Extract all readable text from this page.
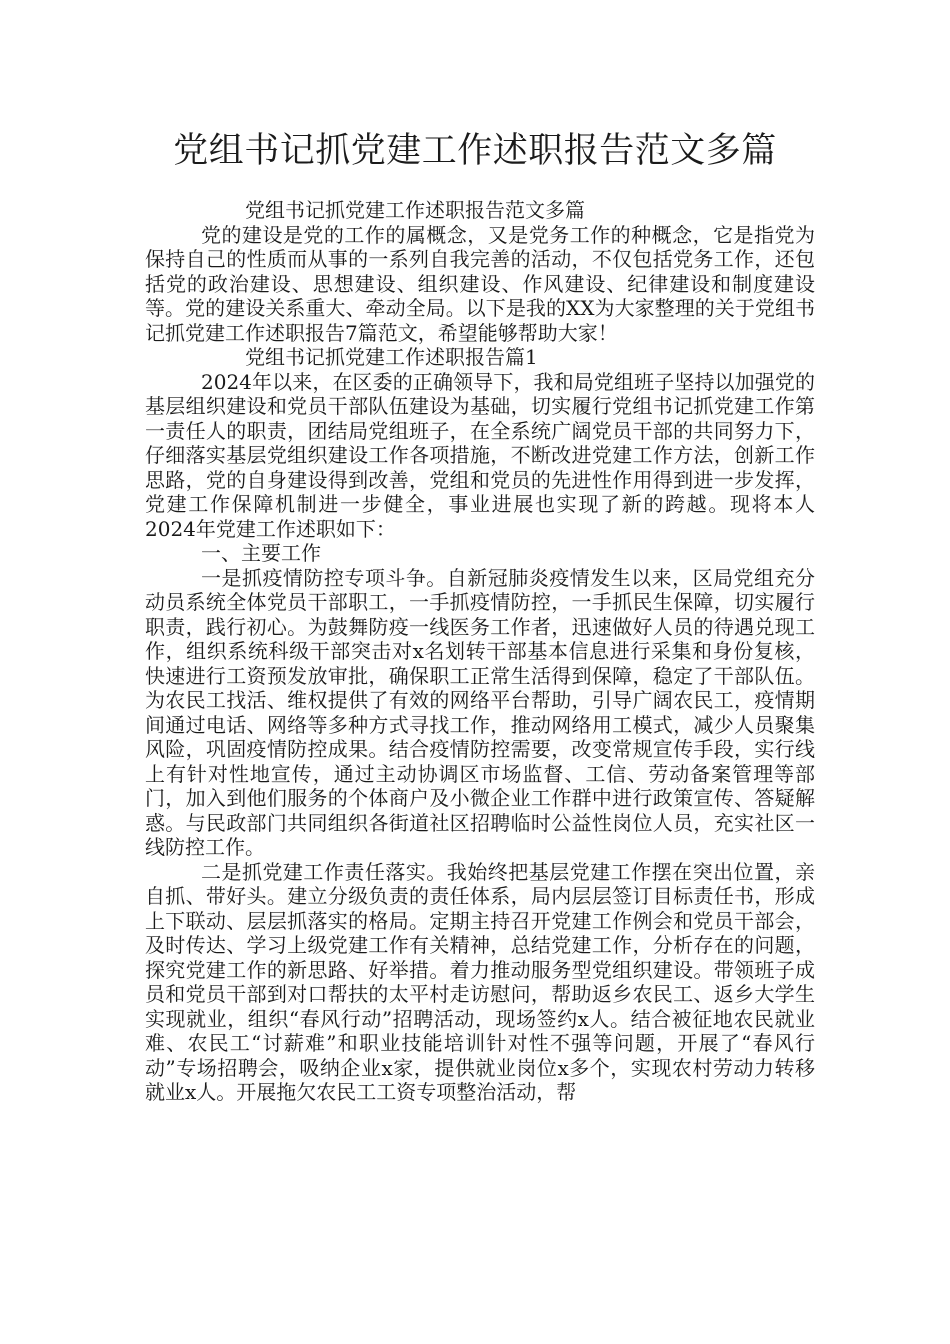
党组书记抓党建工作述职报告范文多篇

党组书记抓党建工作述职报告范文多篇

党的建设是党的工作的属概念，又是党务工作的种概念，它是指党为保持自己的性质而从事的一系列自我完善的活动，不仅包括党务工作，还包括党的政治建设、思想建设、组织建设、作风建设、纪律建设和制度建设等。党的建设关系重大、牵动全局。以下是我的XX为大家整理的关于党组书记抓党建工作述职报告7篇范文，希望能够帮助大家！

党组书记抓党建工作述职报告篇1

2024年以来，在区委的正确领导下，我和局党组班子坚持以加强党的基层组织建设和党员干部队伍建设为基础，切实履行党组书记抓党建工作第一责任人的职责，团结局党组班子，在全系统广阔党员干部的共同努力下，仔细落实基层党组织建设工作各项措施，不断改进党建工作方法，创新工作思路，党的自身建设得到改善，党组和党员的先进性作用得到进一步发挥，党建工作保障机制进一步健全，事业进展也实现了新的跨越。现将本人2024年党建工作述职如下：

一、主要工作

一是抓疫情防控专项斗争。自新冠肺炎疫情发生以来，区局党组充分动员系统全体党员干部职工，一手抓疫情防控，一手抓民生保障，切实履行职责，践行初心。为鼓舞防疫一线医务工作者，迅速做好人员的待遇兑现工作，组织系统科级干部突击对x名划转干部基本信息进行采集和身份复核，快速进行工资预发放审批，确保职工正常生活得到保障，稳定了干部队伍。为农民工找活、维权提供了有效的网络平台帮助，引导广阔农民工，疫情期间通过电话、网络等多种方式寻找工作，推动网络用工模式，减少人员聚集风险，巩固疫情防控成果。结合疫情防控需要，改变常规宣传手段，实行线上有针对性地宣传，通过主动协调区市场监督、工信、劳动备案管理等部门，加入到他们服务的个体商户及小微企业工作群中进行政策宣传、答疑解惑。与民政部门共同组织各街道社区招聘临时公益性岗位人员，充实社区一线防控工作。

二是抓党建工作责任落实。我始终把基层党建工作摆在突出位置，亲自抓、带好头。建立分级负责的责任体系，局内层层签订目标责任书，形成上下联动、层层抓落实的格局。定期主持召开党建工作例会和党员干部会，及时传达、学习上级党建工作有关精神，总结党建工作，分析存在的问题，探究党建工作的新思路、好举措。着力推动服务型党组织建设。带领班子成员和党员干部到对口帮扶的太平村走访慰问，帮助返乡农民工、返乡大学生实现就业，组织“春风行动”招聘活动，现场签约x人。结合被征地农民就业难、农民工“讨薪难”和职业技能培训针对性不强等问题，开展了“春风行动”专场招聘会，吸纳企业x家，提供就业岗位x多个，实现农村劳动力转移就业x人。开展拖欠农民工工资专项整治活动，帮
